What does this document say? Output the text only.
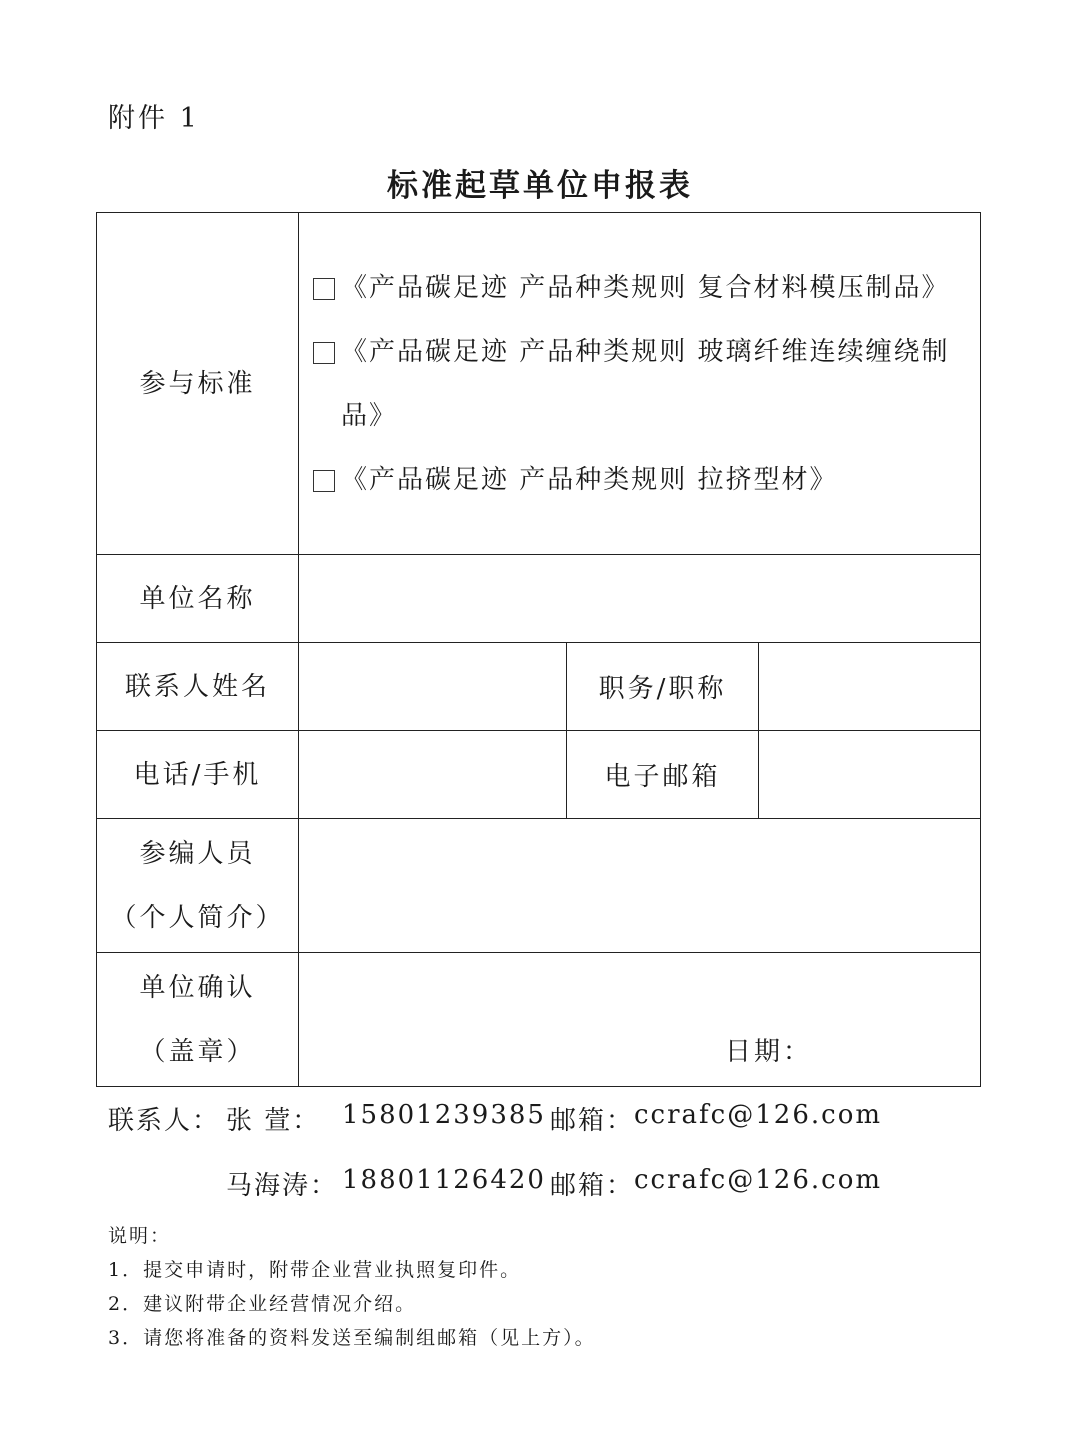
附件 1
标准起草单位申报表
参与标准	《产品碳足迹 产品种类规则 复合材料模压制品》
《产品碳足迹 产品种类规则 玻璃纤维连续缠绕制品》
《产品碳足迹 产品种类规则 拉挤型材》		

单位名称			
联系人姓名		职务/职称	
电话/手机		电子邮箱	

参编人员
（个人简介）			

单位确认
（盖章）	日期：		
联系人： 张 萱： 15801239385 邮箱： ccrafc@126.com
马海涛： 18801126420 邮箱： ccrafc@126.com
说明：
1．提交申请时，附带企业营业执照复印件。
2．建议附带企业经营情况介绍。
3．请您将准备的资料发送至编制组邮箱（见上方）。
